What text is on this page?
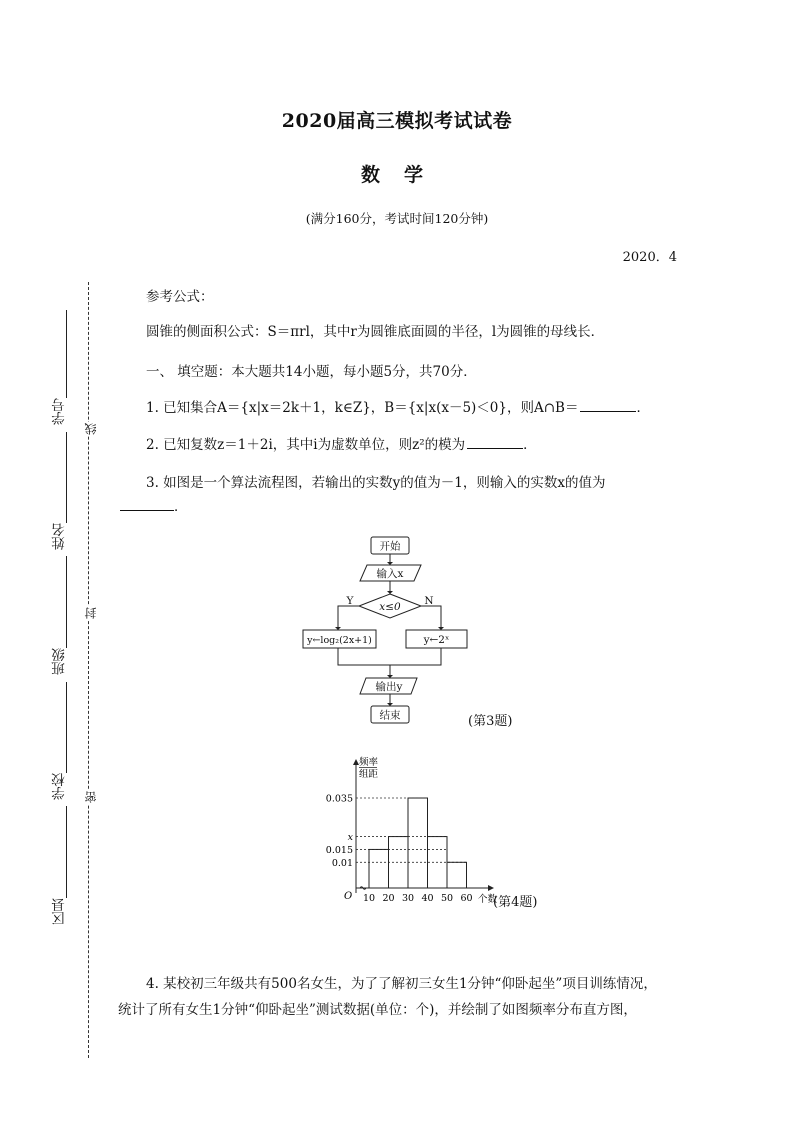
2020届高三模拟考试试卷
数学
(满分160分，考试时间120分钟)
2020．4
学号
姓名
班级
学校
区县
线
封
密
参考公式：
圆锥的侧面积公式：S＝πrl，其中r为圆锥底面圆的半径，l为圆锥的母线长．
一、 填空题：本大题共14小题，每小题5分，共70分．
1. 已知集合A＝{x|x＝2k＋1，k∈Z}，B＝{x|x(x－5)＜0}，则A∩B＝	．
2. 已知复数z＝1＋2i，其中i为虚数单位，则z²的模为	．
3. 如图是一个算法流程图，若输出的实数y的值为－1，则输入的实数x的值为
．
开始
输入x
x≤0
Y	N
y←log₂(2x+1)	y←2ˣ
输出y
结束	(第3题)
频率
组距
O	个数
0.035
x
0.015
0.01
10 20 30 40 50 60 (第4题)
4. 某校初三年级共有500名女生，为了了解初三女生1分钟“仰卧起坐”项目训练情况，
统计了所有女生1分钟“仰卧起坐”测试数据(单位：个)，并绘制了如图频率分布直方图，
